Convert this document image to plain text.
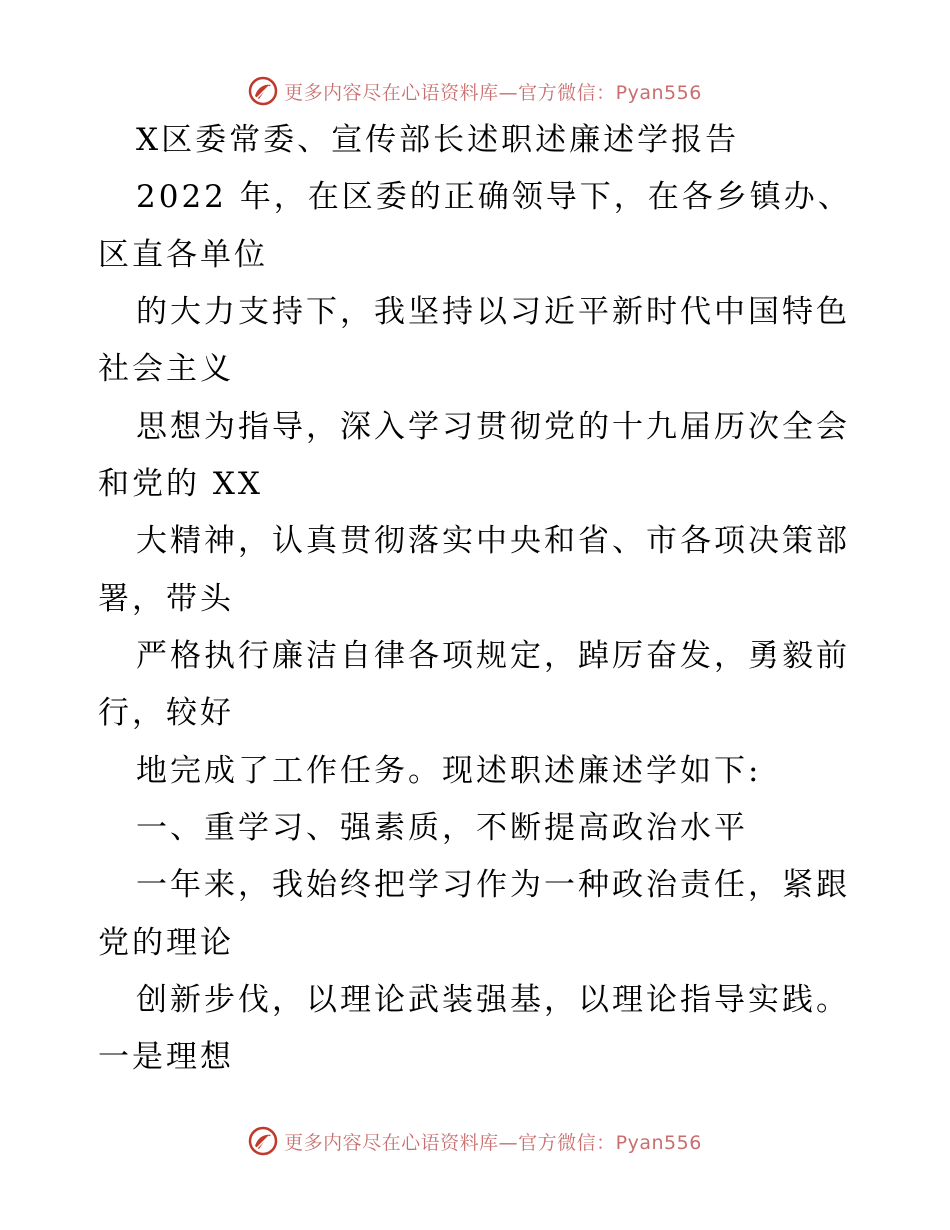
更多内容尽在心语资料库—官方微信：Pyan556
X区委常委、宣传部长述职述廉述学报告
2022 年，在区委的正确领导下，在各乡镇办、
区直各单位
的大力支持下，我坚持以习近平新时代中国特色
社会主义
思想为指导，深入学习贯彻党的十九届历次全会
和党的 XX
大精神，认真贯彻落实中央和省、市各项决策部
署，带头
严格执行廉洁自律各项规定，踔厉奋发，勇毅前
行，较好
地完成了工作任务。现述职述廉述学如下:
一、重学习、强素质，不断提高政治水平
一年来，我始终把学习作为一种政治责任，紧跟
党的理论
创新步伐，以理论武装强基，以理论指导实践。
一是理想
更多内容尽在心语资料库—官方微信：Pyan556
